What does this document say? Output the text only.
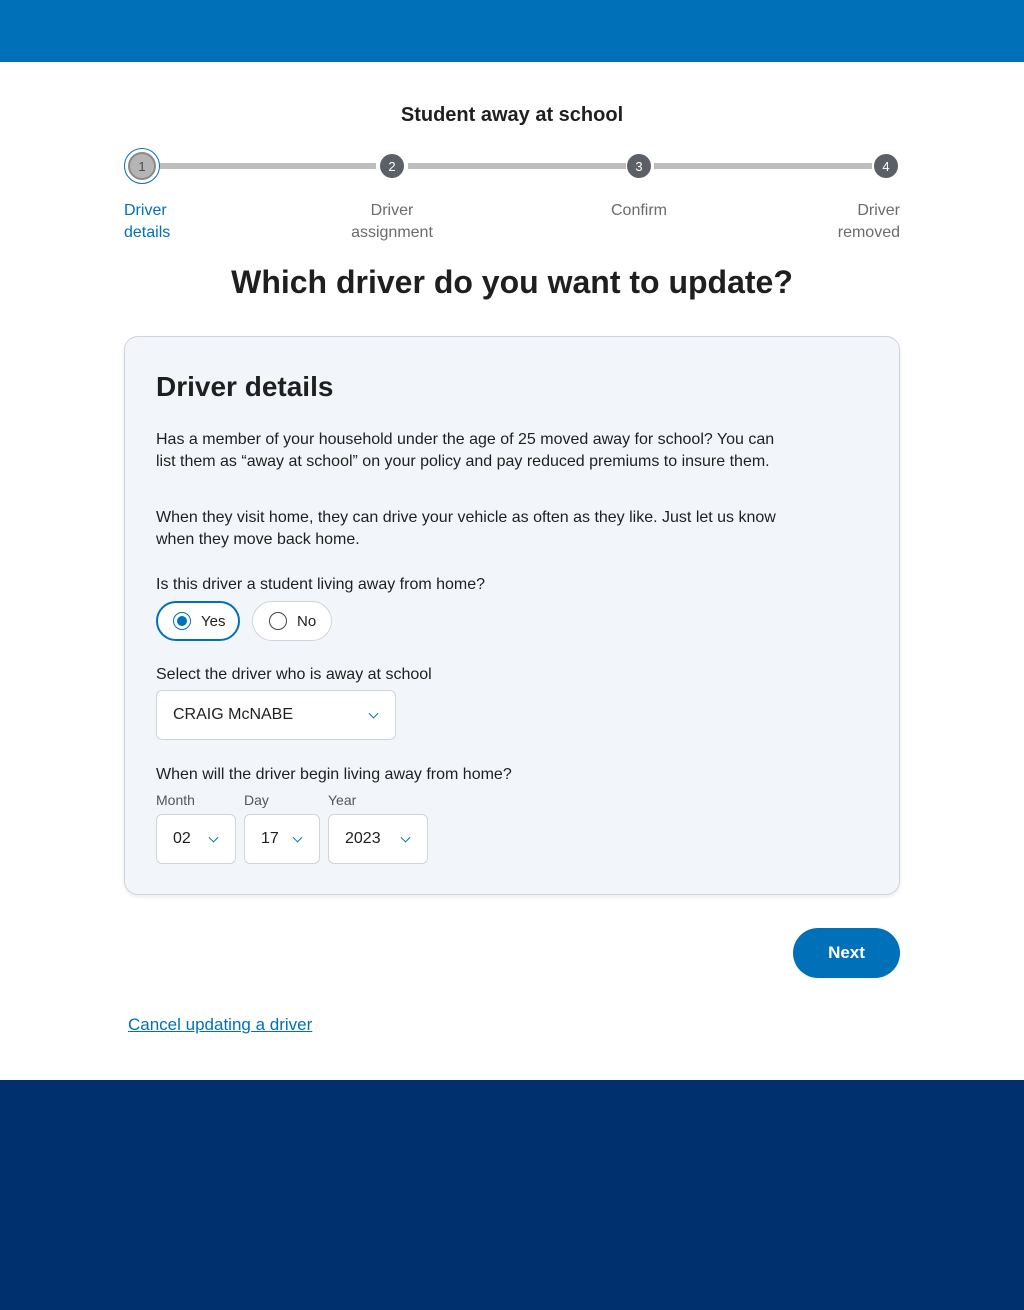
Student away at school
1	2	3	4
Driver
details
Driver
assignment
Confirm	Driver
removed
Which driver do you want to update?
Driver details
Has a member of your household under the age of 25 moved away for school? You can list them as “away at school” on your policy and pay reduced premiums to insure them.
When they visit home, they can drive your vehicle as often as they like. Just let us know when they move back home.
Is this driver a student living away from home?
Yes	No
Select the driver who is away at school
CRAIG McNABE
When will the driver begin living away from home?
Month	Day	Year
02	17	2023
Next
Cancel updating a driver
